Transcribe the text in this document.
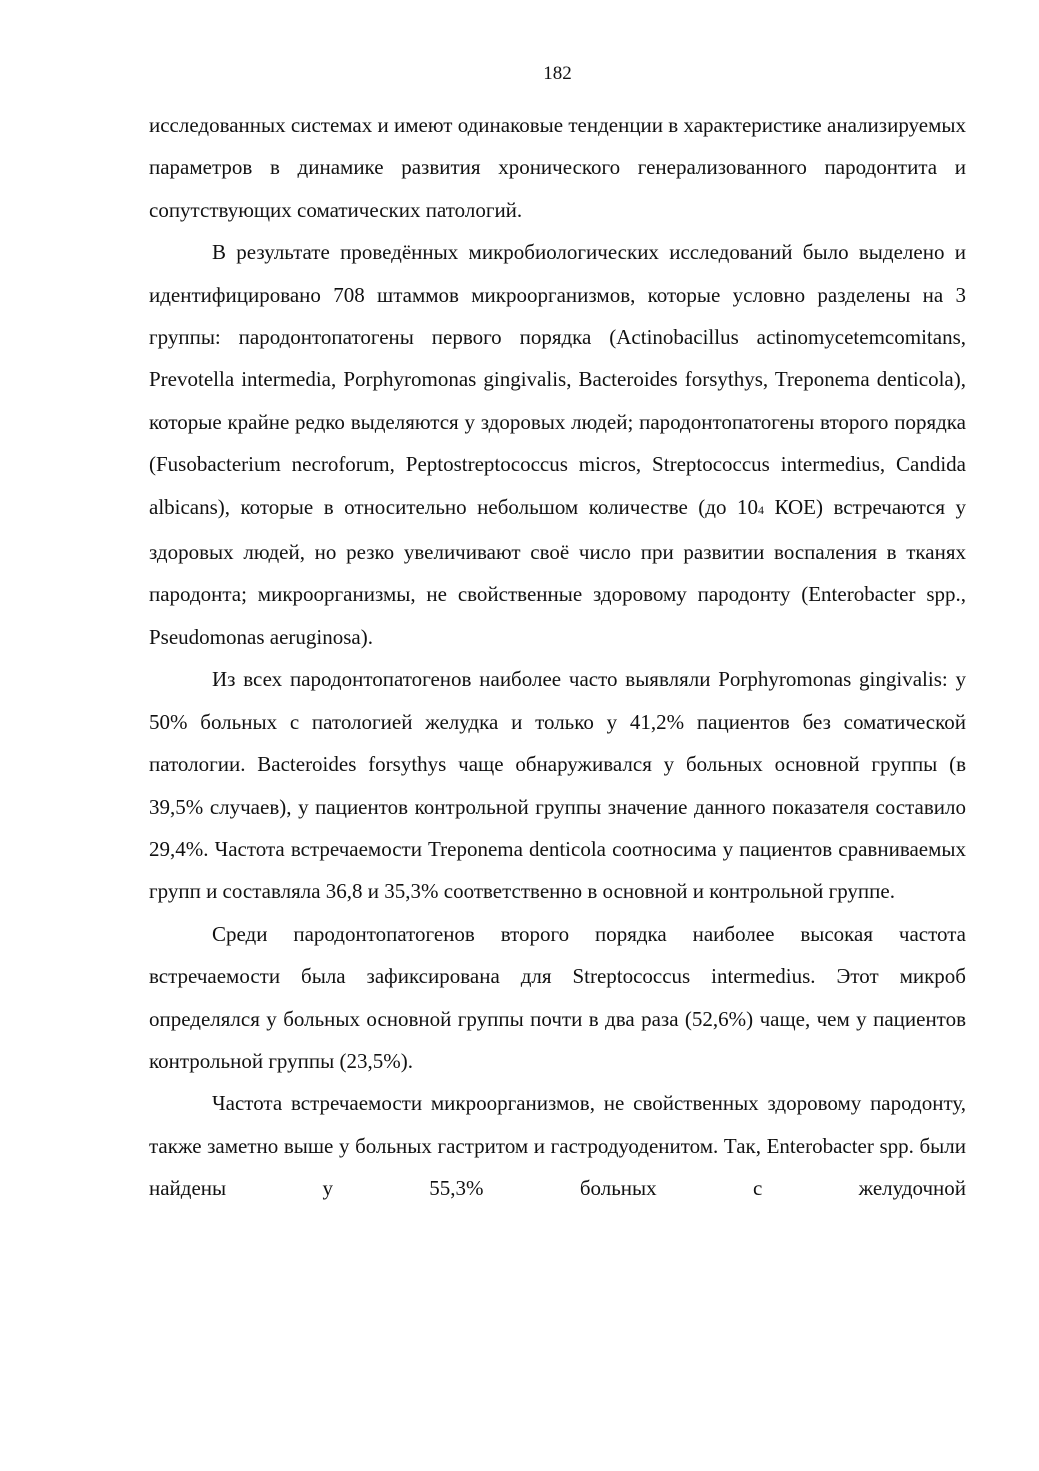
182

исследованных системах и имеют одинаковые тенденции в характеристике анализируемых параметров в динамике развития хронического генерализованного пародонтита и сопутствующих соматических патологий.

В результате проведённых микробиологических исследований было выделено и идентифицировано 708 штаммов микроорганизмов, которые условно разделены на 3 группы: пародонтопатогены первого порядка (Actinobacillus actinomycetemcomitans, Prevotella intermedia, Porphyromonas gingivalis, Bacteroides forsythys, Treponema denticola), которые крайне редко выделяются у здоровых людей; пародонтопатогены второго порядка (Fusobacterium necroforum, Peptostreptococcus micros, Streptococcus intermedius, Candida albicans), которые в относительно небольшом количестве (до 104 КОЕ) встречаются у здоровых людей, но резко увеличивают своё число при развитии воспаления в тканях пародонта; микроорганизмы, не свойственные здоровому пародонту (Enterobacter spp., Pseudomonas aeruginosa).

Из всех пародонтопатогенов наиболее часто выявляли Porphyromonas gingivalis: у 50% больных с патологией желудка и только у 41,2% пациентов без соматической патологии. Bacteroides forsythys чаще обнаруживался у больных основной группы (в 39,5% случаев), у пациентов контрольной группы значение данного показателя составило 29,4%. Частота встречаемости Treponema denticola соотносима у пациентов сравниваемых групп и составляла 36,8 и 35,3% соответственно в основной и контрольной группе.

Среди пародонтопатогенов второго порядка наиболее высокая частота встречаемости была зафиксирована для Streptococcus intermedius. Этот микроб определялся у больных основной группы почти в два раза (52,6%) чаще, чем у пациентов контрольной группы (23,5%).

Частота встречаемости микроорганизмов, не свойственных здоровому пародонту, также заметно выше у больных гастритом и гастродуоденитом. Так, Enterobacter spp. были найдены у 55,3% больных с желудочной
